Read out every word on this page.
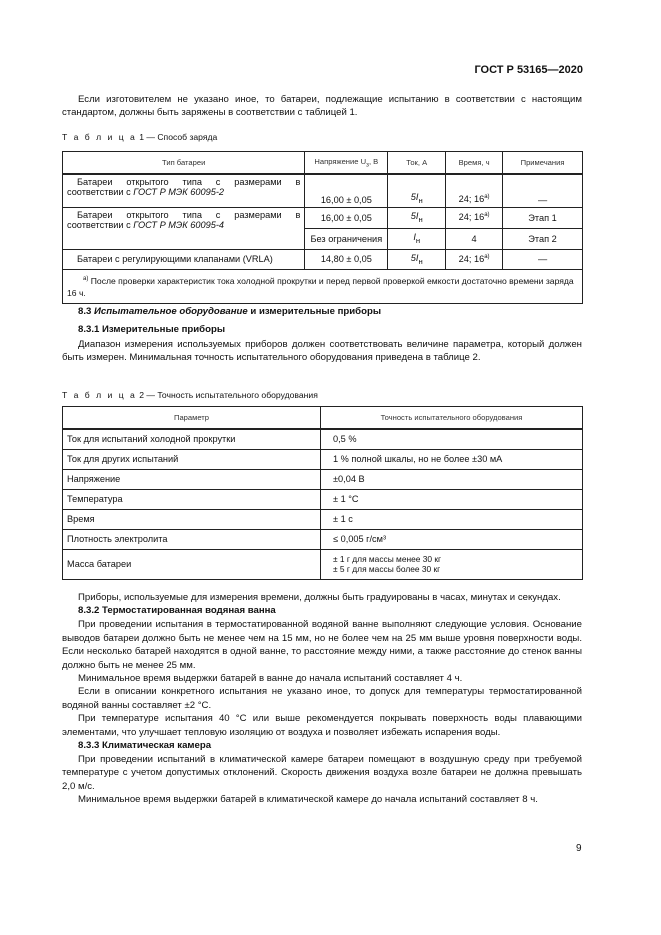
ГОСТ Р 53165—2020

Если изготовителем не указано иное, то батареи, подлежащие испытанию в соответствии с настоящим стандартом, должны быть заряжены в соответствии с таблицей 1.

Т а б л и ц а 1 — Способ заряда
Тип батареи	Напряжение $U_з$, В	Ток, А	Время, ч	Примечания
Батареи открытого типа с размерами в соответствии с ГОСТ Р МЭК 60095-2	16,00 ± 0,05	$5I_н$	24; $16^{а)}$	—
Батареи открытого типа с размерами в соответствии с ГОСТ Р МЭК 60095-4	16,00 ± 0,05	$5I_н$	24; $16^{а)}$	Этап 1
	Без ограничения	$I_н$	4	Этап 2
Батареи с регулирующими клапанами (VRLA)	14,80 ± 0,05	$5I_н$	24; $16^{а)}$	—
$^{а)}$ После проверки характеристик тока холодной прокрутки и перед первой проверкой емкости достаточно времени заряда 16 ч.				
8.3 Испытательное оборудование и измерительные приборы
8.3.1 Измерительные приборы

Диапазон измерения используемых приборов должен соответствовать величине параметра, который должен быть измерен. Минимальная точность испытательного оборудования приведена в таблице 2.

Т а б л и ц а 2 — Точность испытательного оборудования
Параметр	Точность испытательного оборудования
Ток для испытаний холодной прокрутки	0,5 %
Ток для других испытаний	1 % полной шкалы, но не более ±30 мА
Напряжение	±0,04 В
Температура	± 1 °C
Время	± 1 с
Плотность электролита	≤ 0,005 г/см³
Масса батареи	± 1 г для массы менее 30 кг
± 5 г для массы более 30 кг

Приборы, используемые для измерения времени, должны быть градуированы в часах, минутах и секундах.

8.3.2 Термостатированная водяная ванна

При проведении испытания в термостатированной водяной ванне выполняют следующие условия. Основание выводов батареи должно быть не менее чем на 15 мм, но не более чем на 25 мм выше уровня поверхности воды. Если несколько батарей находятся в одной ванне, то расстояние между ними, а также расстояние до стенок ванны должно быть не менее 25 мм.

Минимальное время выдержки батарей в ванне до начала испытаний составляет 4 ч.

Если в описании конкретного испытания не указано иное, то допуск для температуры термостатированной водяной ванны составляет ±2 °С.

При температуре испытания 40 °С или выше рекомендуется покрывать поверхность воды плавающими элементами, что улучшает тепловую изоляцию от воздуха и позволяет избежать испарения воды.

8.3.3 Климатическая камера

При проведении испытаний в климатической камере батареи помещают в воздушную среду при требуемой температуре с учетом допустимых отклонений. Скорость движения воздуха возле батареи не должна превышать 2,0 м/с.

Минимальное время выдержки батарей в климатической камере до начала испытаний составляет 8 ч.

9
